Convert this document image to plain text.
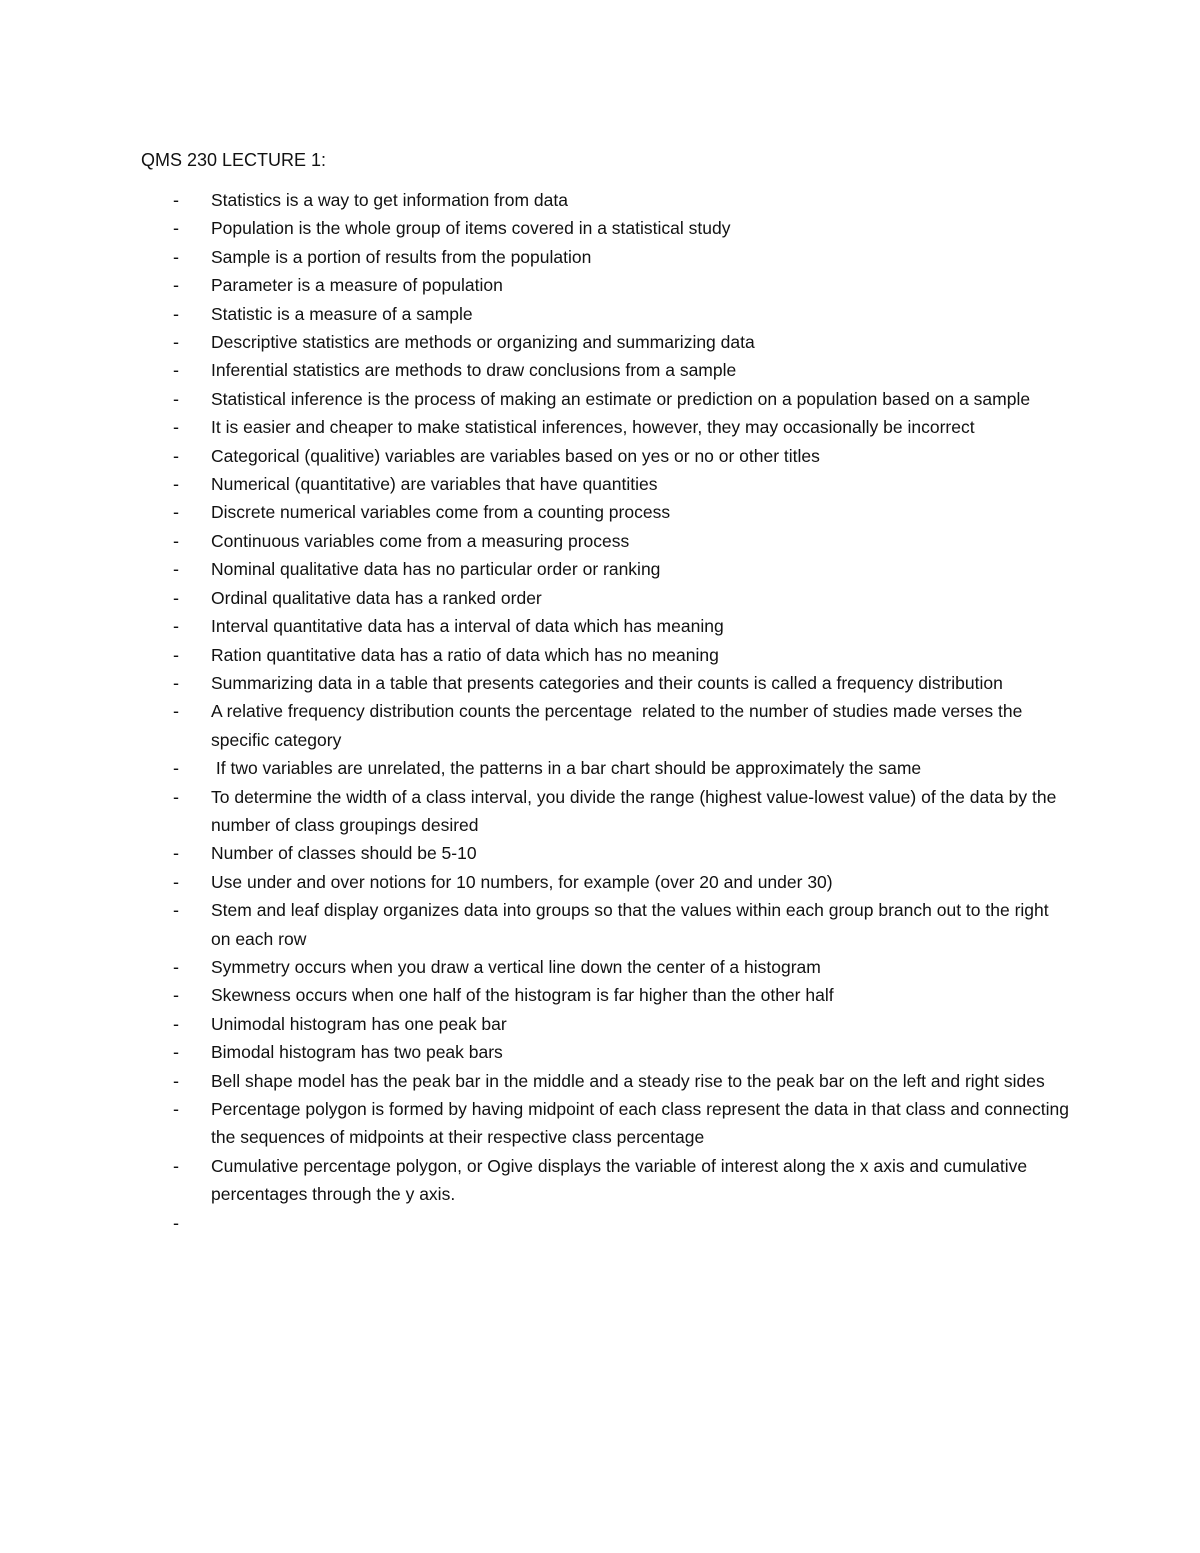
QMS 230 LECTURE 1:
- Statistics is a way to get information from data
- Population is the whole group of items covered in a statistical study
- Sample is a portion of results from the population
- Parameter is a measure of population
- Statistic is a measure of a sample
- Descriptive statistics are methods or organizing and summarizing data
- Inferential statistics are methods to draw conclusions from a sample
- Statistical inference is the process of making an estimate or prediction on a population based on a sample
- It is easier and cheaper to make statistical inferences, however, they may occasionally be incorrect
- Categorical (qualitive) variables are variables based on yes or no or other titles
- Numerical (quantitative) are variables that have quantities
- Discrete numerical variables come from a counting process
- Continuous variables come from a measuring process
- Nominal qualitative data has no particular order or ranking
- Ordinal qualitative data has a ranked order
- Interval quantitative data has a interval of data which has meaning
- Ration quantitative data has a ratio of data which has no meaning
- Summarizing data in a table that presents categories and their counts is called a frequency distribution
- A relative frequency distribution counts the percentage  related to the number of studies made verses the specific category
- If two variables are unrelated, the patterns in a bar chart should be approximately the same
- To determine the width of a class interval, you divide the range (highest value-lowest value) of the data by the number of class groupings desired
- Number of classes should be 5-10
- Use under and over notions for 10 numbers, for example (over 20 and under 30)
- Stem and leaf display organizes data into groups so that the values within each group branch out to the right on each row
- Symmetry occurs when you draw a vertical line down the center of a histogram
- Skewness occurs when one half of the histogram is far higher than the other half
- Unimodal histogram has one peak bar
- Bimodal histogram has two peak bars
- Bell shape model has the peak bar in the middle and a steady rise to the peak bar on the left and right sides
- Percentage polygon is formed by having midpoint of each class represent the data in that class and connecting the sequences of midpoints at their respective class percentage
- Cumulative percentage polygon, or Ogive displays the variable of interest along the x axis and cumulative percentages through the y axis.
-
